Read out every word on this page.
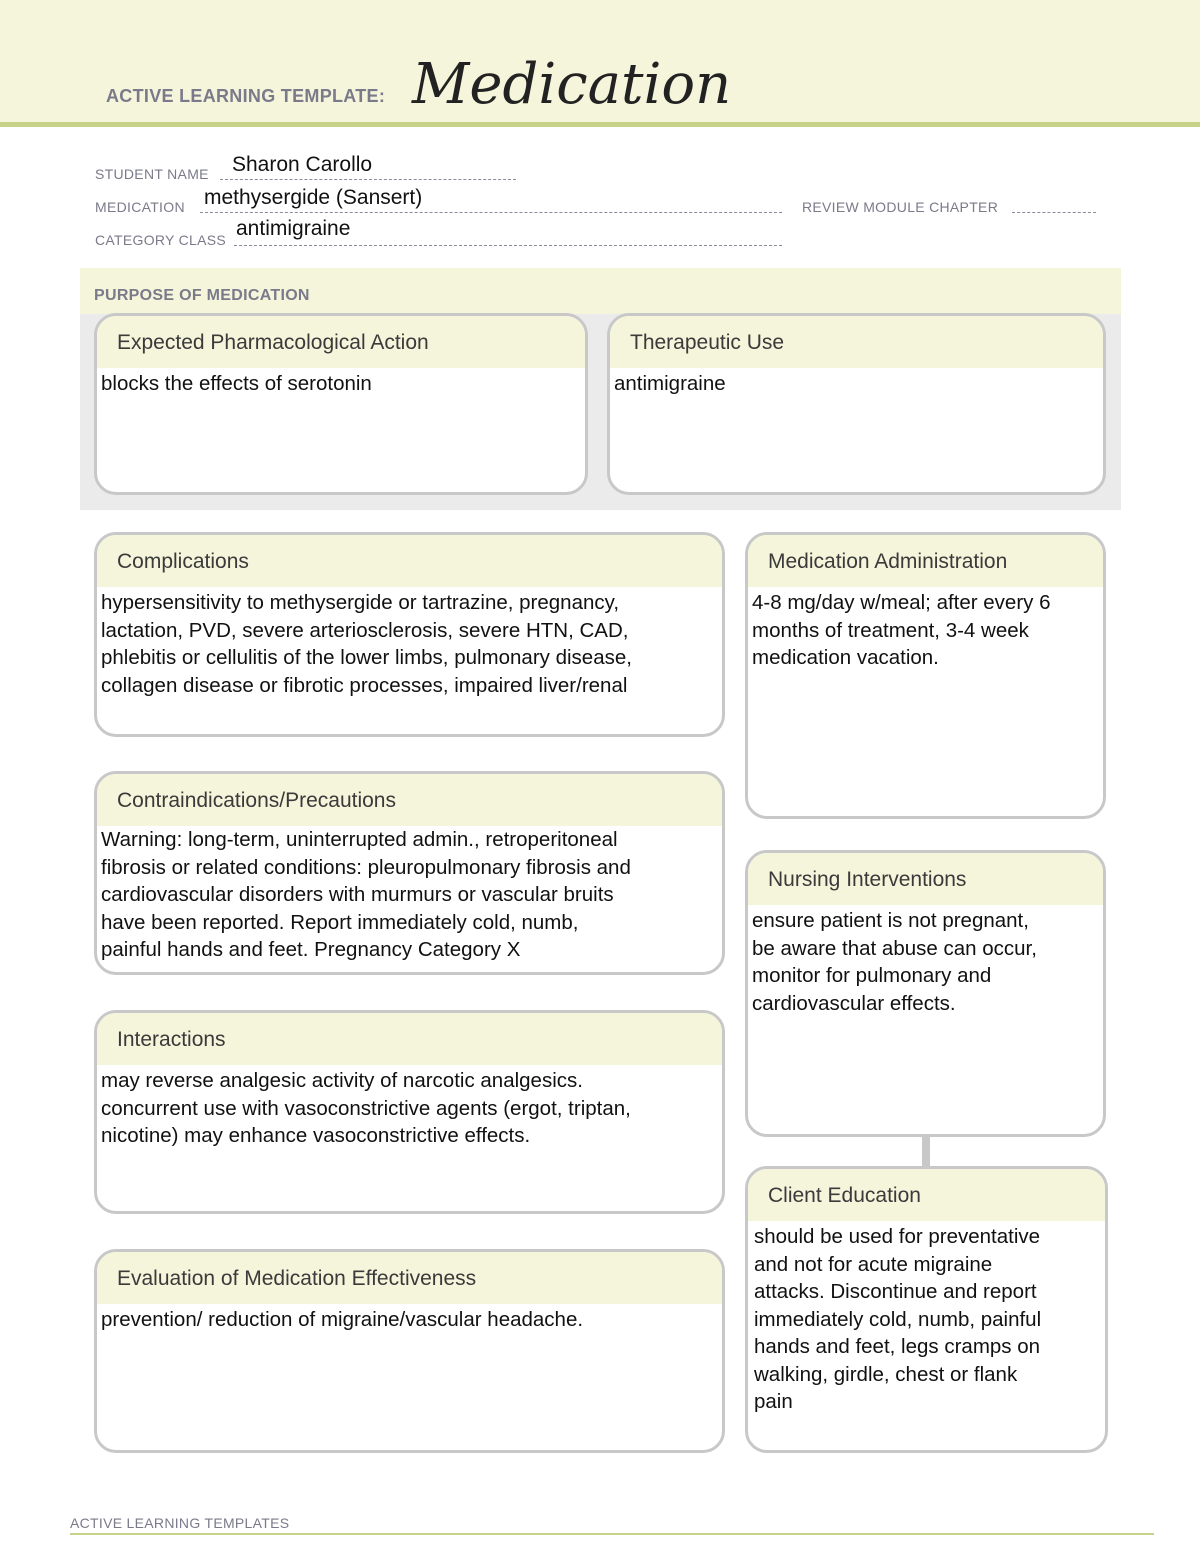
ACTIVE LEARNING TEMPLATE: Medication
STUDENT NAME Sharon Carollo
MEDICATION methysergide (Sansert)	REVIEW MODULE CHAPTER
CATEGORY CLASS antimigraine
PURPOSE OF MEDICATION
Expected Pharmacological Action
blocks the effects of serotonin
Therapeutic Use
antimigraine
Complications
hypersensitivity to methysergide or tartrazine, pregnancy,
lactation, PVD, severe arteriosclerosis, severe HTN, CAD,
phlebitis or cellulitis of the lower limbs, pulmonary disease,
collagen disease or fibrotic processes, impaired liver/renal
Medication Administration
4-8 mg/day w/meal; after every 6
months of treatment, 3-4 week
medication vacation.
Contraindications/Precautions
Warning: long-term, uninterrupted admin., retroperitoneal
fibrosis or related conditions: pleuropulmonary fibrosis and
cardiovascular disorders with murmurs or vascular bruits
have been reported. Report immediately cold, numb,
painful hands and feet. Pregnancy Category X
Nursing Interventions
ensure patient is not pregnant,
be aware that abuse can occur,
monitor for pulmonary and
cardiovascular effects.
Interactions
may reverse analgesic activity of narcotic analgesics.
concurrent use with vasoconstrictive agents (ergot, triptan,
nicotine) may enhance vasoconstrictive effects.
Client Education
should be used for preventative
and not for acute migraine
attacks. Discontinue and report
immediately cold, numb, painful
hands and feet, legs cramps on
walking, girdle, chest or flank
pain
Evaluation of Medication Effectiveness
prevention/ reduction of migraine/vascular headache.
ACTIVE LEARNING TEMPLATES
